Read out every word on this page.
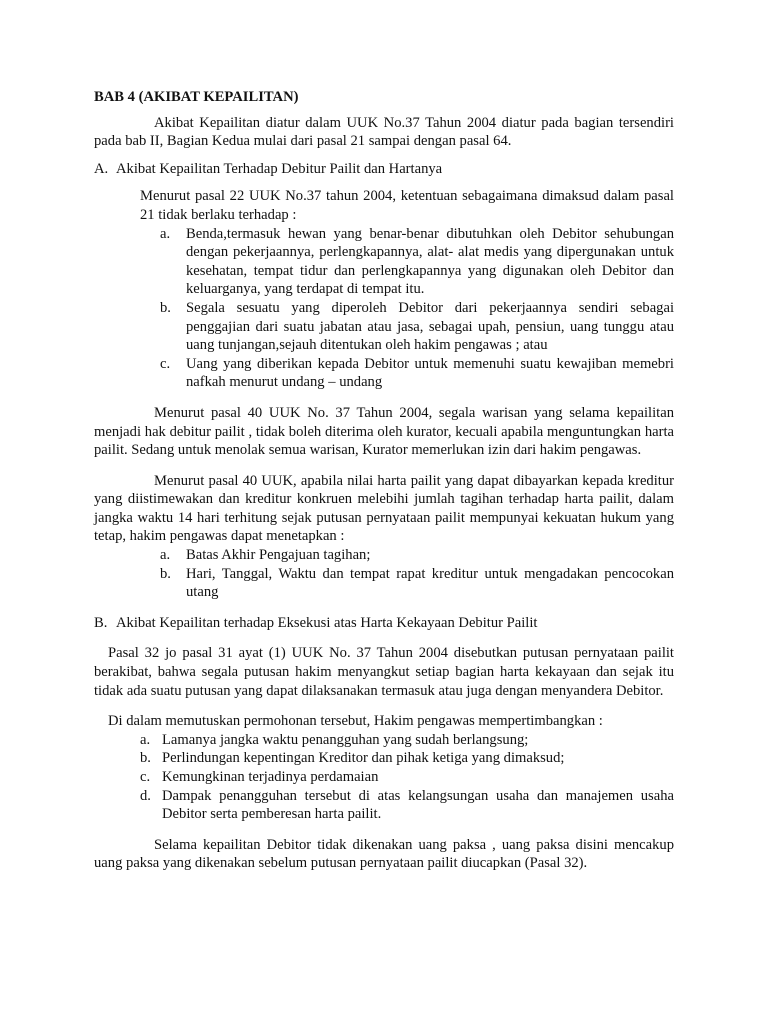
BAB 4 (AKIBAT KEPAILITAN)

Akibat Kepailitan diatur dalam UUK No.37 Tahun 2004 diatur pada bagian tersendiri pada bab II, Bagian Kedua mulai dari pasal 21 sampai dengan pasal 64.

A. Akibat Kepailitan Terhadap Debitur Pailit dan Hartanya

Menurut pasal 22 UUK No.37 tahun 2004, ketentuan sebagaimana dimaksud dalam pasal 21 tidak berlaku terhadap :

a. Benda,termasuk hewan yang benar-benar dibutuhkan oleh Debitor sehubungan dengan pekerjaannya, perlengkapannya, alat- alat medis yang dipergunakan untuk kesehatan, tempat tidur dan perlengkapannya yang digunakan oleh Debitor dan keluarganya, yang terdapat di tempat itu.
b. Segala sesuatu yang diperoleh Debitor dari pekerjaannya sendiri sebagai penggajian dari suatu jabatan atau jasa, sebagai upah, pensiun, uang tunggu atau uang tunjangan,sejauh ditentukan oleh hakim pengawas ; atau
c. Uang yang diberikan kepada Debitor untuk memenuhi suatu kewajiban memebri nafkah menurut undang – undang

Menurut pasal 40 UUK No. 37 Tahun 2004, segala warisan yang selama kepailitan menjadi hak debitur pailit , tidak boleh diterima oleh kurator, kecuali apabila menguntungkan harta pailit. Sedang untuk menolak semua warisan, Kurator memerlukan izin dari hakim pengawas.

Menurut pasal 40 UUK, apabila nilai harta pailit yang dapat dibayarkan kepada kreditur yang diistimewakan dan kreditur konkruen melebihi jumlah tagihan terhadap harta pailit, dalam jangka waktu 14 hari terhitung sejak putusan pernyataan pailit mempunyai kekuatan hukum yang tetap, hakim pengawas dapat menetapkan :

a. Batas Akhir Pengajuan tagihan;
b. Hari, Tanggal, Waktu dan tempat rapat kreditur untuk mengadakan pencocokan utang
B. Akibat Kepailitan terhadap Eksekusi atas Harta Kekayaan Debitur Pailit

Pasal 32 jo pasal 31 ayat (1) UUK No. 37 Tahun 2004 disebutkan putusan pernyataan pailit berakibat, bahwa segala putusan hakim menyangkut setiap bagian harta kekayaan dan sejak itu tidak ada suatu putusan yang dapat dilaksanakan termasuk atau juga dengan menyandera Debitor.

Di dalam memutuskan permohonan tersebut, Hakim pengawas mempertimbangkan :

a. Lamanya jangka waktu penangguhan yang sudah berlangsung;
b. Perlindungan kepentingan Kreditor dan pihak ketiga yang dimaksud;
c. Kemungkinan terjadinya perdamaian
d. Dampak penangguhan tersebut di atas kelangsungan usaha dan manajemen usaha Debitor serta pemberesan harta pailit.

Selama kepailitan Debitor tidak dikenakan uang paksa , uang paksa disini mencakup uang paksa yang dikenakan sebelum putusan pernyataan pailit diucapkan (Pasal 32).
